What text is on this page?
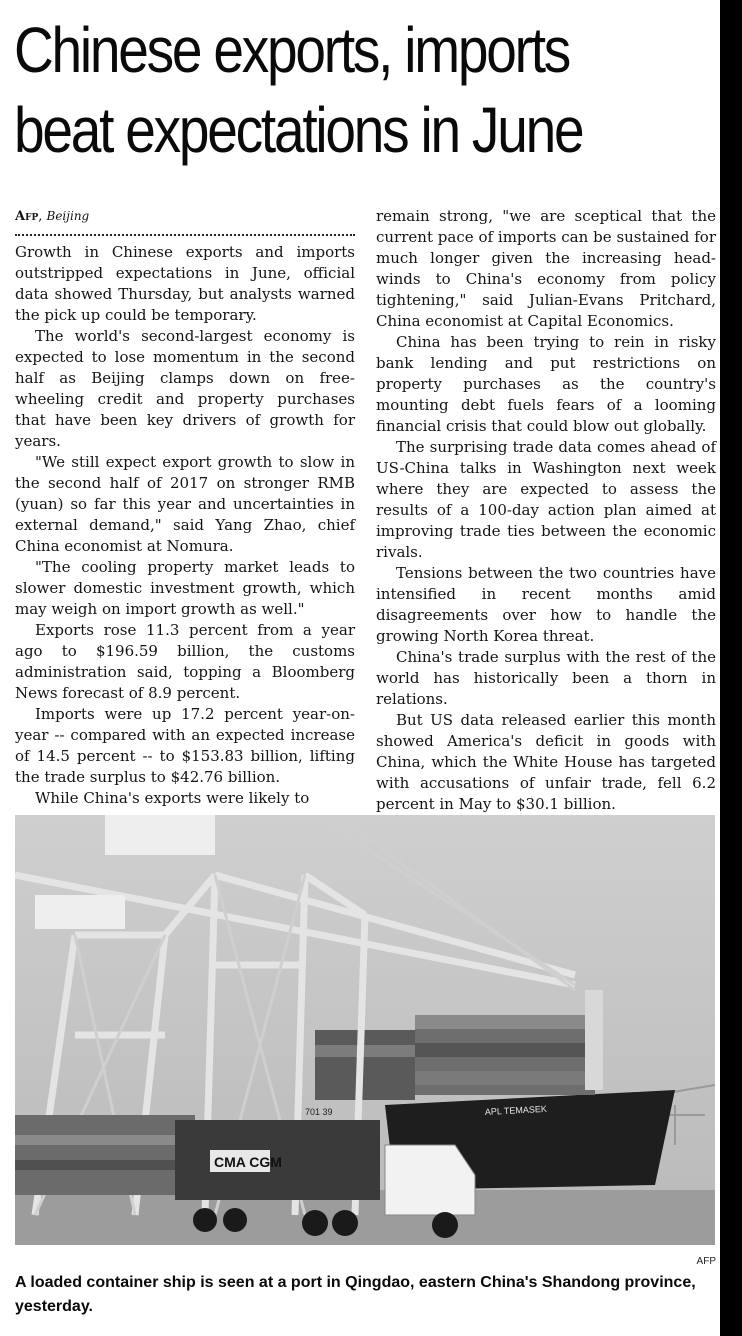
Chinese exports, imports
beat expectations in June
Afp, Beijing

Growth in Chinese exports and imports outstripped expectations in June, official data showed Thursday, but analysts warned the pick up could be temporary.

The world's second-largest economy is expected to lose momentum in the second half as Beijing clamps down on free-wheeling credit and property purchases that have been key drivers of growth for years.

"We still expect export growth to slow in the second half of 2017 on stronger RMB (yuan) so far this year and uncertainties in external demand," said Yang Zhao, chief China economist at Nomura.

"The cooling property market leads to slower domestic investment growth, which may weigh on import growth as well."

Exports rose 11.3 percent from a year ago to $196.59 billion, the customs administration said, topping a Bloomberg News forecast of 8.9 percent.

Imports were up 17.2 percent year-on-year -- compared with an expected increase of 14.5 percent -- to $153.83 billion, lifting the trade surplus to $42.76 billion.

While China's exports were likely to

remain strong, "we are sceptical that the current pace of imports can be sustained for much longer given the increasing head-winds to China's economy from policy tightening," said Julian-Evans Pritchard, China economist at Capital Economics.

China has been trying to rein in risky bank lending and put restrictions on property purchases as the country's mounting debt fuels fears of a looming financial crisis that could blow out globally.

The surprising trade data comes ahead of US-China talks in Washington next week where they are expected to assess the results of a 100-day action plan aimed at improving trade ties between the economic rivals.

Tensions between the two countries have intensified in recent months amid disagreements over how to handle the growing North Korea threat.

China's trade surplus with the rest of the world has historically been a thorn in relations.

But US data released earlier this month showed America's deficit in goods with China, which the White House has targeted with accusations of unfair trade, fell 6.2 percent in May to $30.1 billion.

APL TEMASEK
CMA CGM
701 39
AFP

A loaded container ship is seen at a port in Qingdao, eastern China's Shandong province, yesterday.
